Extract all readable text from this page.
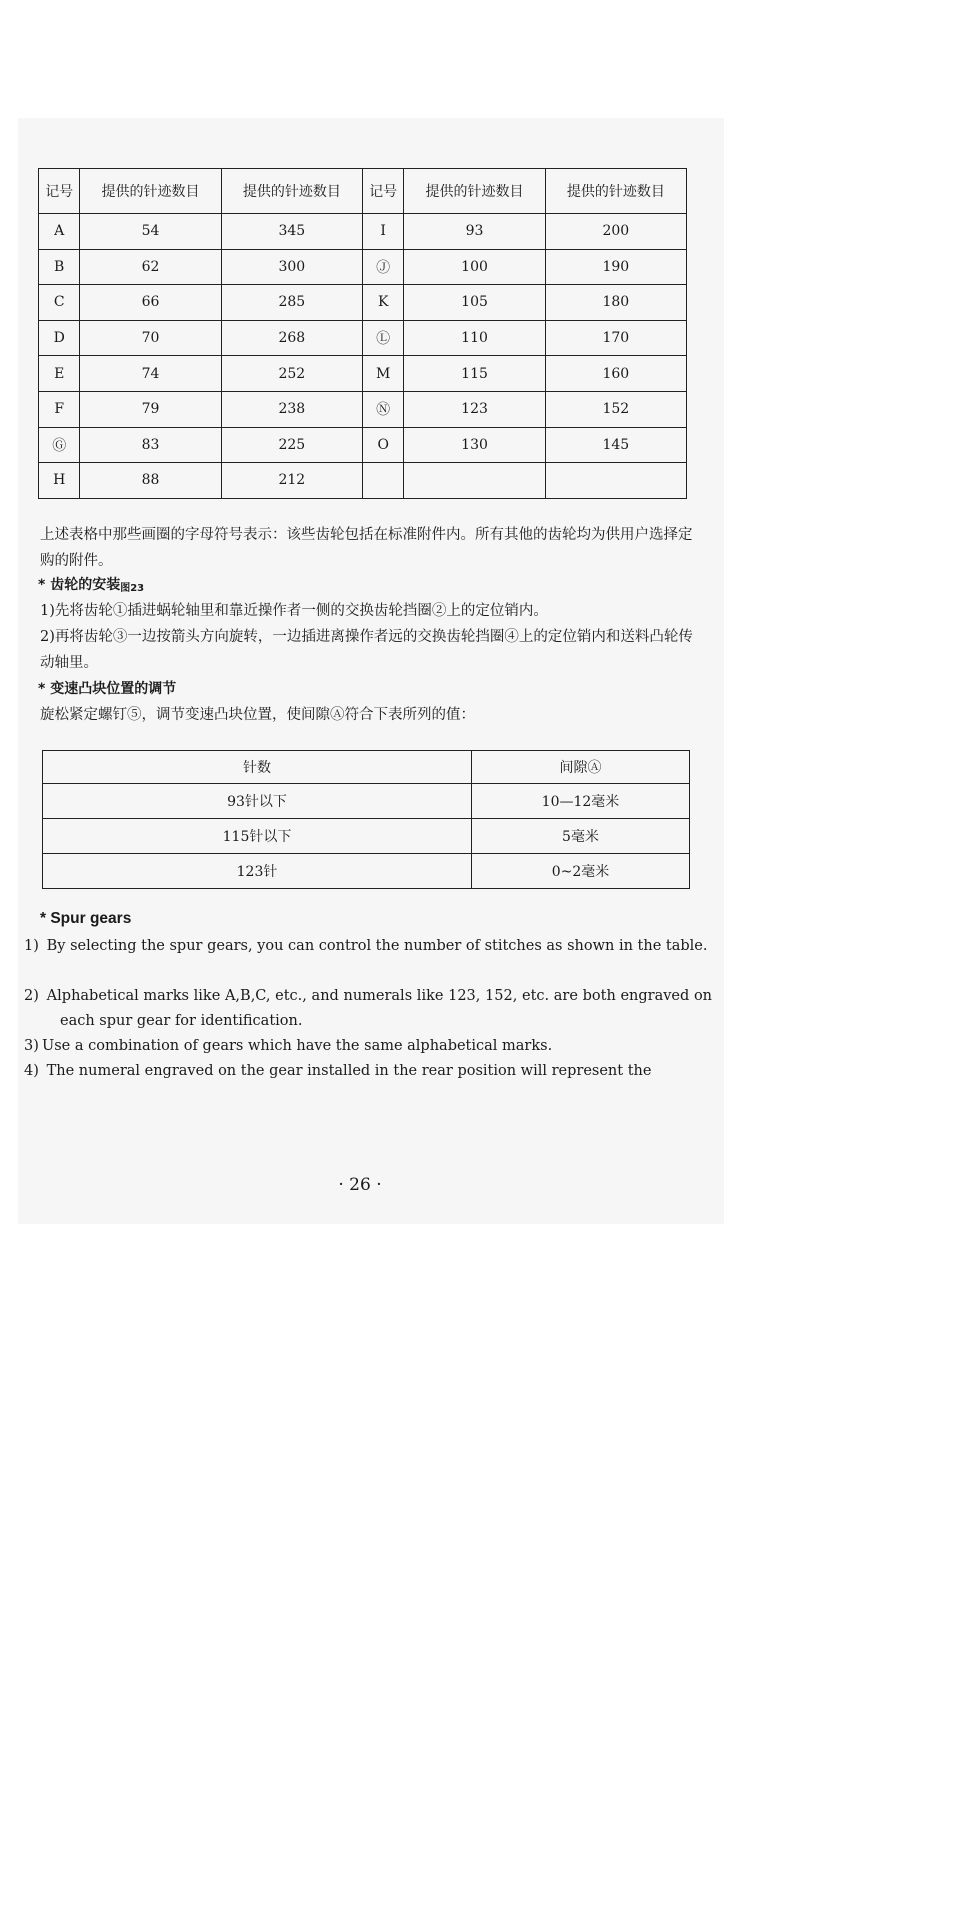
记号	提供的针迹数目	提供的针迹数目	记号	提供的针迹数目	提供的针迹数目
A	54	345	I	93	200
B	62	300	Ⓙ	100	190
C	66	285	K	105	180
D	70	268	Ⓛ	110	170
E	74	252	M	115	160
F	79	238	Ⓝ	123	152
Ⓖ	83	225	O	130	145
H	88	212			
上述表格中那些画圈的字母符号表示：该些齿轮包括在标准附件内。所有其他的齿轮均为供用户选择定购的附件。
* 齿轮的安装$_{图23}$
1)先将齿轮①插进蜗轮轴里和靠近操作者一侧的交换齿轮挡圈②上的定位销内。
2)再将齿轮③一边按箭头方向旋转，一边插进离操作者远的交换齿轮挡圈④上的定位销内和送料凸轮传动轴里。
* 变速凸块位置的调节
旋松紧定螺钉⑤，调节变速凸块位置，使间隙Ⓐ符合下表所列的值：
针数	间隙Ⓐ
93针以下	10—12毫米
115针以下	5毫米
123针	0~2毫米
* Spur gears
By selecting the spur gears, you can control the number of stitches as shown in the table.
Alphabetical marks like A,B,C, etc., and numerals like 123, 152, etc. are both engraved on each spur gear for identification.
Use a combination of gears which have the same alphabetical marks.
The numeral engraved on the gear installed in the rear position will represent the
· 26 ·
